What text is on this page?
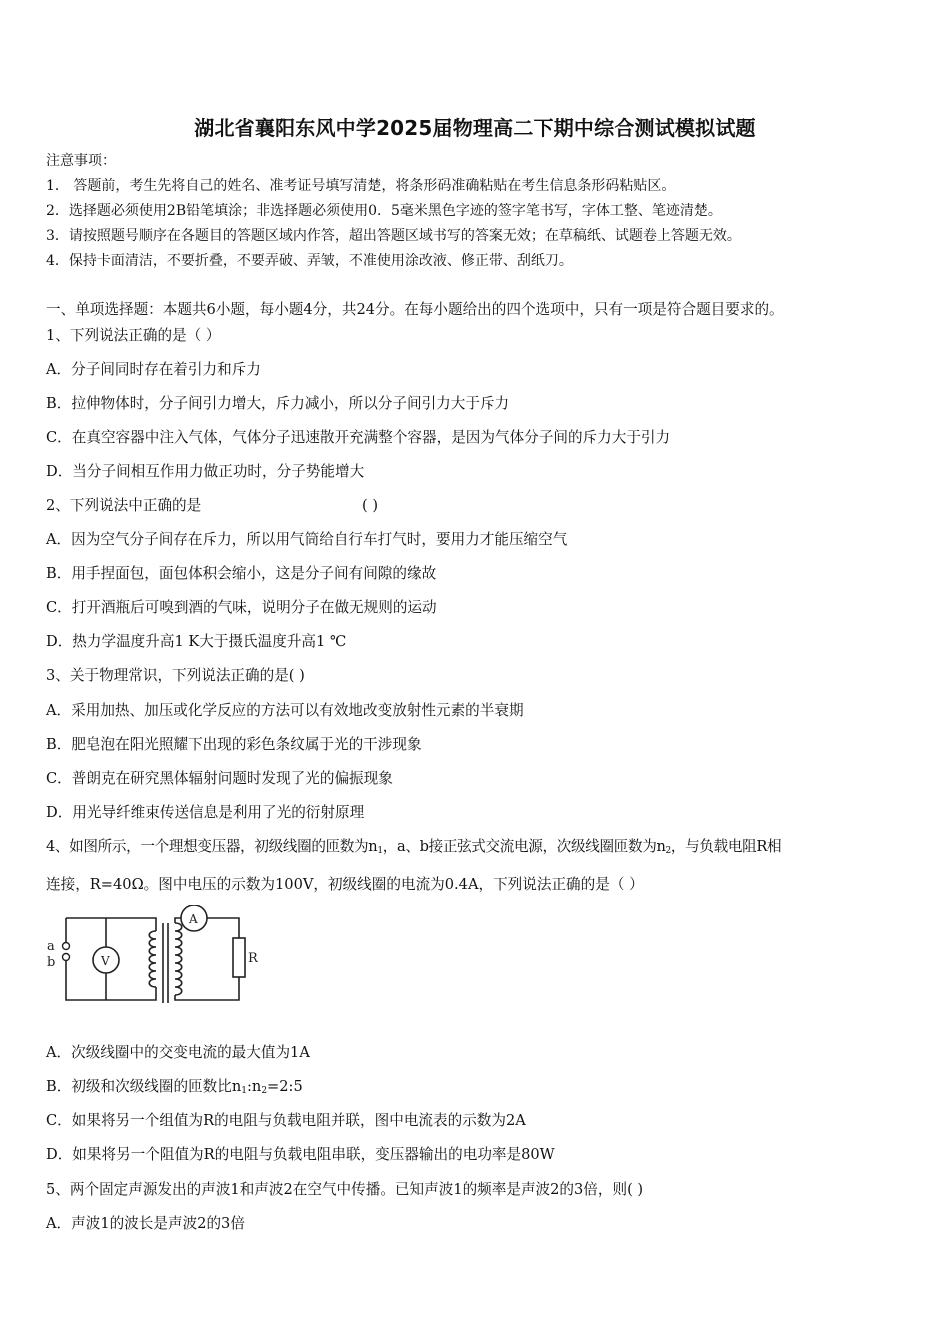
湖北省襄阳东风中学2025届物理高二下期中综合测试模拟试题
注意事项：
1． 答题前，考生先将自己的姓名、准考证号填写清楚，将条形码准确粘贴在考生信息条形码粘贴区。
2．选择题必须使用2B铅笔填涂；非选择题必须使用0．5毫米黑色字迹的签字笔书写，字体工整、笔迹清楚。
3．请按照题号顺序在各题目的答题区域内作答，超出答题区域书写的答案无效；在草稿纸、试题卷上答题无效。
4．保持卡面清洁，不要折叠，不要弄破、弄皱，不准使用涂改液、修正带、刮纸刀。
一、单项选择题：本题共6小题，每小题4分，共24分。在每小题给出的四个选项中，只有一项是符合题目要求的。
1、下列说法正确的是（ ）
A．分子间同时存在着引力和斥力
B．拉伸物体时，分子间引力增大，斥力减小，所以分子间引力大于斥力
C．在真空容器中注入气体，气体分子迅速散开充满整个容器，是因为气体分子间的斥力大于引力
D．当分子间相互作用力做正功时，分子势能增大
2、下列说法中正确的是	( )
A．因为空气分子间存在斥力，所以用气筒给自行车打气时，要用力才能压缩空气
B．用手捏面包，面包体积会缩小，这是分子间有间隙的缘故
C．打开酒瓶后可嗅到酒的气味，说明分子在做无规则的运动
D．热力学温度升高1 K大于摄氏温度升高1 ℃
3、关于物理常识，下列说法正确的是( )
A．采用加热、加压或化学反应的方法可以有效地改变放射性元素的半衰期
B．肥皂泡在阳光照耀下出现的彩色条纹属于光的干涉现象
C．普朗克在研究黑体辐射问题时发现了光的偏振现象
D．用光导纤维束传送信息是利用了光的衍射原理
4、如图所示，一个理想变压器，初级线圈的匝数为$n_1$，a、b接正弦式交流电源，次级线圈匝数为$n_2$，与负载电阻R相
连接，R=40Ω。图中电压的示数为100V，初级线圈的电流为0.4A，下列说法正确的是（ ）
a
b	V
A
R
A．次级线圈中的交变电流的最大值为1A
B．初级和次级线圈的匝数比$n_1:n_2=2:5$
C．如果将另一个组值为R的电阻与负载电阻并联，图中电流表的示数为2A
D．如果将另一个阻值为R的电阻与负载电阻串联，变压器输出的电功率是80W
5、两个固定声源发出的声波1和声波2在空气中传播。已知声波1的频率是声波2的3倍，则( )
A．声波1的波长是声波2的3倍
